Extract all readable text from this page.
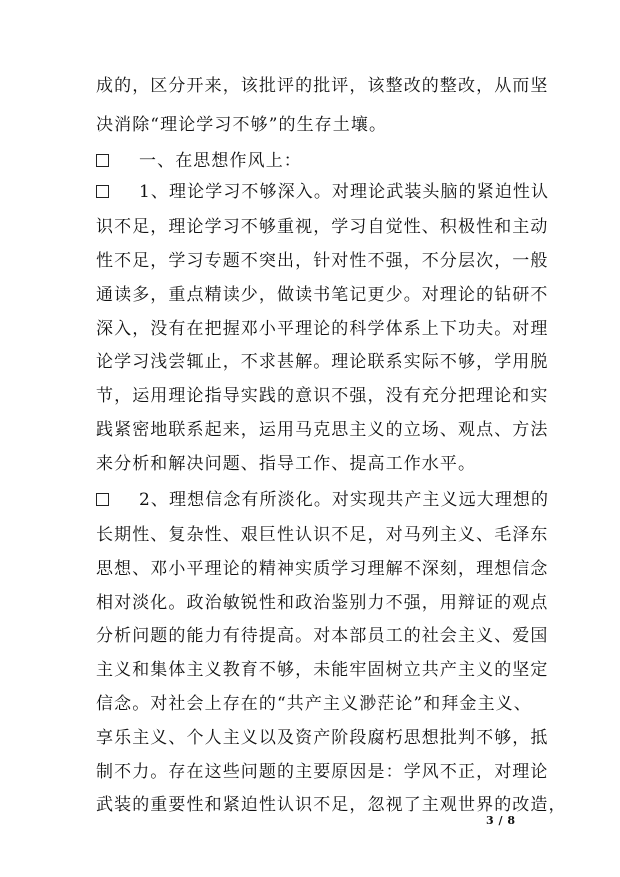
成的，区分开来，该批评的批评，该整改的整改，从而坚
决消除“理论学习不够”的生存土壤。
一、在思想作风上：
1、理论学习不够深入。对理论武装头脑的紧迫性认
识不足，理论学习不够重视，学习自觉性、积极性和主动
性不足，学习专题不突出，针对性不强，不分层次，一般
通读多，重点精读少，做读书笔记更少。对理论的钻研不
深入，没有在把握邓小平理论的科学体系上下功夫。对理
论学习浅尝辄止，不求甚解。理论联系实际不够，学用脱
节，运用理论指导实践的意识不强，没有充分把理论和实
践紧密地联系起来，运用马克思主义的立场、观点、方法
来分析和解决问题、指导工作、提高工作水平。
2、理想信念有所淡化。对实现共产主义远大理想的
长期性、复杂性、艰巨性认识不足，对马列主义、毛泽东
思想、邓小平理论的精神实质学习理解不深刻，理想信念
相对淡化。政治敏锐性和政治鉴别力不强，用辩证的观点
分析问题的能力有待提高。对本部员工的社会主义、爱国
主义和集体主义教育不够，未能牢固树立共产主义的坚定
信念。对社会上存在的“共产主义渺茫论”和拜金主义、
享乐主义、个人主义以及资产阶段腐朽思想批判不够，抵
制不力。存在这些问题的主要原因是：学风不正，对理论
武装的重要性和紧迫性认识不足，忽视了主观世界的改造，
3 / 8
